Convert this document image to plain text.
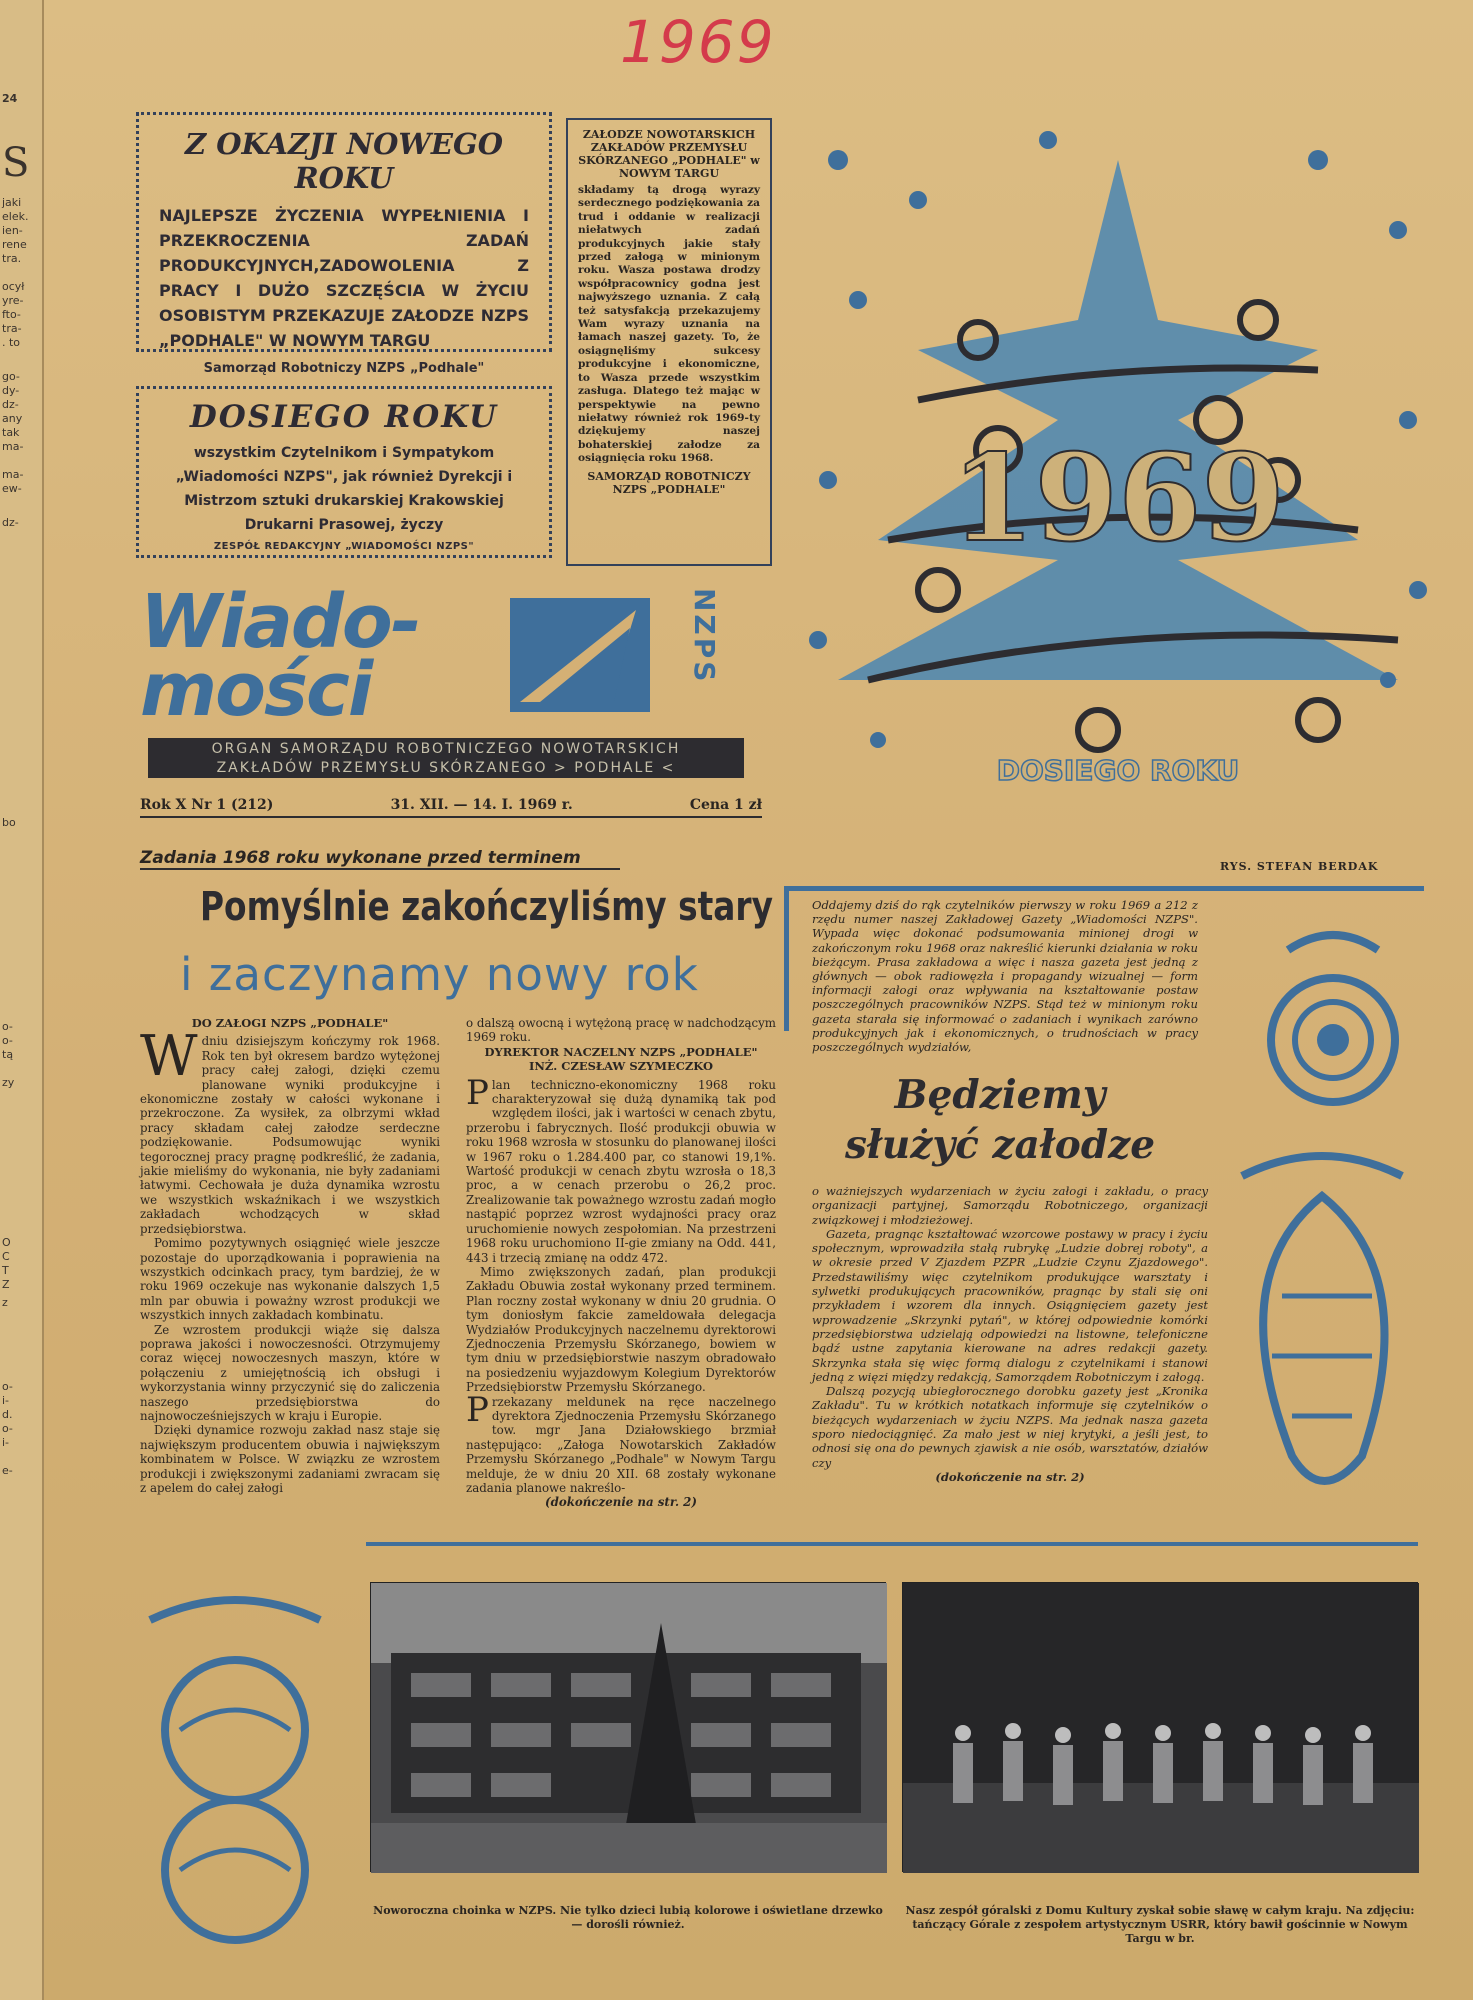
24
S
jaki
elek.
ien-
rene
tra.
ocył
yre-
fto-
tra-
. to
go-
dy-
dz-
any
tak
ma-
ma-
ew-
dz-
bo
o-
o-
tą
zy
O
C
T
Z
z
o-
i-
d.
o-
i-
e-
1969
Z OKAZJI NOWEGO ROKU

NAJLEPSZE ŻYCZENIA WYPEŁNIENIA I PRZEKROCZENIA ZADAŃ PRODUKCYJNYCH,ZADOWOLENIA Z PRACY I DUŻO SZCZĘŚCIA W ŻYCIU OSOBISTYM PRZEKAZUJE ZAŁODZE NZPS „PODHALE" W NOWYM TARGU

Samorząd Robotniczy NZPS „Podhale"

DOSIEGO ROKU

wszystkim Czytelnikom i Sympatykom „Wiadomości NZPS", jak również Dyrekcji i Mistrzom sztuki drukarskiej Krakowskiej Drukarni Prasowej, życzy

ZESPÓŁ REDAKCYJNY „WIADOMOŚCI NZPS"

ZAŁODZE NOWOTARSKICH ZAKŁADÓW PRZEMYSŁU SKÓRZANEGO „PODHALE" w NOWYM TARGU
składamy tą drogą wyrazy serdecznego podziękowania za trud i oddanie w realizacji niełatwych zadań produkcyjnych jakie stały przed załogą w minionym roku. Wasza postawa drodzy współpracownicy godna jest najwyższego uznania. Z całą też satysfakcją przekazujemy Wam wyrazy uznania na łamach naszej gazety. To, że osiągnęliśmy sukcesy produkcyjne i ekonomiczne, to Wasza przede wszystkim zasługa. Dlatego też mając w perspektywie na pewno niełatwy również rok 1969-ty dziękujemy naszej bohaterskiej załodze za osiągnięcia roku 1968.
SAMORZĄD ROBOTNICZY NZPS „PODHALE"
Wiado-
mości
NZPS
ORGAN SAMORZĄDU ROBOTNICZEGO NOWOTARSKICH
ZAKŁADÓW PRZEMYSŁU SKÓRZANEGO > PODHALE <
Rok X Nr 1 (212)	31. XII. — 14. I. 1969 r.	Cena 1 zł
1969
DOSIEGO ROKU
RYS. STEFAN BERDAK
Zadania 1968 roku wykonane przed terminem
Pomyślnie zakończyliśmy stary
i zaczynamy nowy rok
DO ZAŁOGI NZPS „PODHALE"
W dniu dzisiejszym kończymy rok 1968. Rok ten był okresem bardzo wytężonej pracy całej załogi, dzięki czemu planowane wyniki produkcyjne i ekonomiczne zostały w całości wykonane i przekroczone. Za wysiłek, za olbrzymi wkład pracy składam całej załodze serdeczne podziękowanie. Podsumowując wyniki tegorocznej pracy pragnę podkreślić, że zadania, jakie mieliśmy do wykonania, nie były zadaniami łatwymi. Cechowała je duża dynamika wzrostu we wszystkich wskaźnikach i we wszystkich zakładach wchodzących w skład przedsiębiorstwa.

Pomimo pozytywnych osiągnięć wiele jeszcze pozostaje do uporządkowania i poprawienia na wszystkich odcinkach pracy, tym bardziej, że w roku 1969 oczekuje nas wykonanie dalszych 1,5 mln par obuwia i poważny wzrost produkcji we wszystkich innych zakładach kombinatu.

Ze wzrostem produkcji wiąże się dalsza poprawa jakości i nowoczesności. Otrzymujemy coraz więcej nowoczesnych maszyn, które w połączeniu z umiejętnością ich obsługi i wykorzystania winny przyczynić się do zaliczenia naszego przedsiębiorstwa do najnowocześniejszych w kraju i Europie.

Dzięki dynamice rozwoju zakład nasz staje się największym producentem obuwia i największym kombinatem w Polsce. W związku ze wzrostem produkcji i zwiększonymi zadaniami zwracam się z apelem do całej załogi

o dalszą owocną i wytężoną pracę w nadchodzącym 1969 roku.

DYREKTOR NACZELNY NZPS „PODHALE"
INŻ. CZESŁAW SZYMECZKO
P lan techniczno-ekonomiczny 1968 roku charakteryzował się dużą dynamiką tak pod względem ilości, jak i wartości w cenach zbytu, przerobu i fabrycznych. Ilość produkcji obuwia w roku 1968 wzrosła w stosunku do planowanej ilości w 1967 roku o 1.284.400 par, co stanowi 19,1%. Wartość produkcji w cenach zbytu wzrosła o 18,3 proc, a w cenach przerobu o 26,2 proc. Zrealizowanie tak poważnego wzrostu zadań mogło nastąpić poprzez wzrost wydajności pracy oraz uruchomienie nowych zespołomian. Na przestrzeni 1968 roku uruchomiono II-gie zmiany na Odd. 441, 443 i trzecią zmianę na oddz 472.

Mimo zwiększonych zadań, plan produkcji Zakładu Obuwia został wykonany przed terminem. Plan roczny został wykonany w dniu 20 grudnia. O tym doniosłym fakcie zameldowała delegacja Wydziałów Produkcyjnych naczelnemu dyrektorowi Zjednoczenia Przemysłu Skórzanego, bowiem w tym dniu w przedsiębiorstwie naszym obradowało na posiedzeniu wyjazdowym Kolegium Dyrektorów Przedsiębiorstw Przemysłu Skórzanego.

P rzekazany meldunek na ręce naczelnego dyrektora Zjednoczenia Przemysłu Skórzanego tow. mgr Jana Działowskiego brzmiał następująco: „Załoga Nowotarskich Zakładów Przemysłu Skórzanego „Podhale" w Nowym Targu melduje, że w dniu 20 XII. 68 zostały wykonane zadania planowe nakreślo-

(dokończenie na str. 2)
Oddajemy dziś do rąk czytelników pierwszy w roku 1969 a 212 z rzędu numer naszej Zakładowej Gazety „Wiadomości NZPS". Wypada więc dokonać podsumowania minionej drogi w zakończonym roku 1968 oraz nakreślić kierunki działania w roku bieżącym. Prasa zakładowa a więc i nasza gazeta jest jedną z głównych — obok radiowęzła i propagandy wizualnej — form informacji załogi oraz wpływania na kształtowanie postaw poszczególnych pracowników NZPS. Stąd też w minionym roku gazeta starała się informować o zadaniach i wynikach zarówno produkcyjnych jak i ekonomicznych, o trudnościach w pracy poszczególnych wydziałów,
Będziemy
służyć załodze

o ważniejszych wydarzeniach w życiu załogi i zakładu, o pracy organizacji partyjnej, Samorządu Robotniczego, organizacji związkowej i młodzieżowej.

Gazeta, pragnąc kształtować wzorcowe postawy w pracy i życiu społecznym, wprowadziła stałą rubrykę „Ludzie dobrej roboty", a w okresie przed V Zjazdem PZPR „Ludzie Czynu Zjazdowego". Przedstawiliśmy więc czytelnikom produkujące warsztaty i sylwetki produkujących pracowników, pragnąc by stali się oni przykładem i wzorem dla innych. Osiągnięciem gazety jest wprowadzenie „Skrzynki pytań", w której odpowiednie komórki przedsiębiorstwa udzielają odpowiedzi na listowne, telefoniczne bądź ustne zapytania kierowane na adres redakcji gazety. Skrzynka stała się więc formą dialogu z czytelnikami i stanowi jedną z więzi między redakcją, Samorządem Robotniczym i załogą.

Dalszą pozycją ubiegłorocznego dorobku gazety jest „Kronika Zakładu". Tu w krótkich notatkach informuje się czytelników o bieżących wydarzeniach w życiu NZPS. Ma jednak nasza gazeta sporo niedociągnięć. Za mało jest w niej krytyki, a jeśli jest, to odnosi się ona do pewnych zjawisk a nie osób, warsztatów, działów czy

(dokończenie na str. 2)
Noworoczna choinka w NZPS. Nie tylko dzieci lubią kolorowe i oświetlane drzewko — dorośli również.
Nasz zespół góralski z Domu Kultury zyskał sobie sławę w całym kraju. Na zdjęciu: tańczący Górale z zespołem artystycznym USRR, który bawił gościnnie w Nowym Targu w br.
